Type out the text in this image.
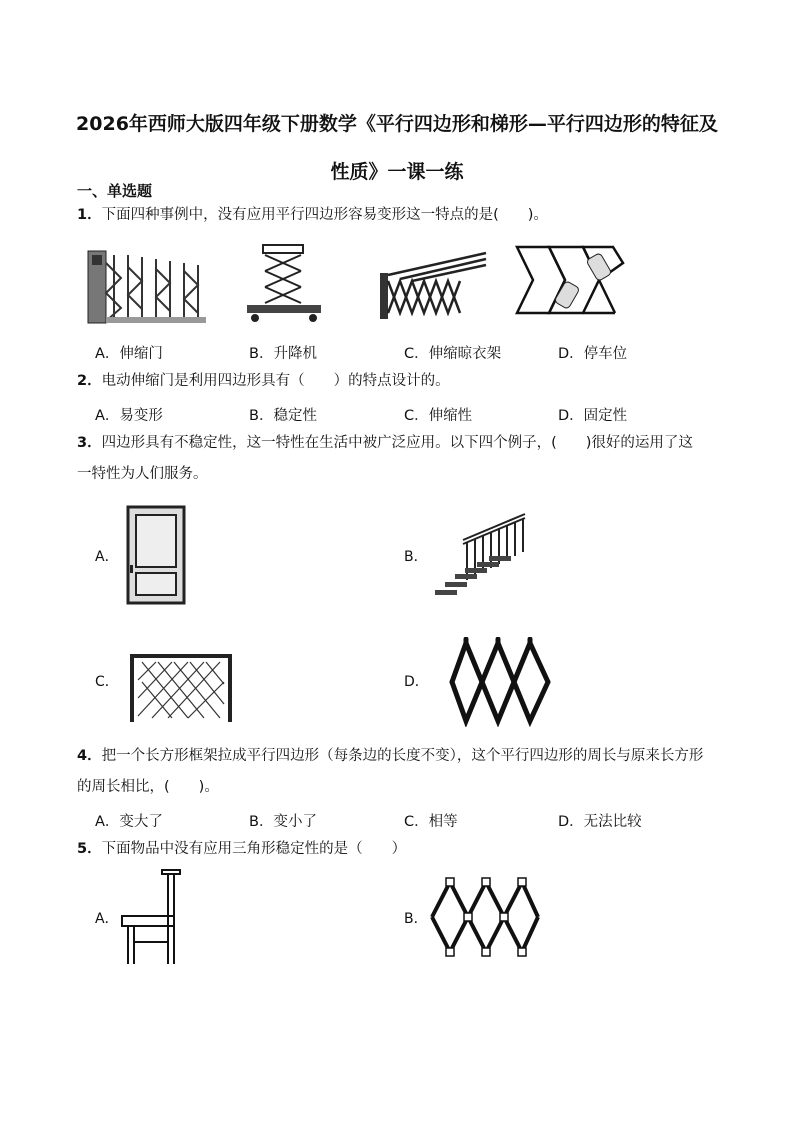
2026年西师大版四年级下册数学《平行四边形和梯形—平行四边形的特征及性质》一课一练
一、单选题
1．下面四种事例中，没有应用平行四边形容易变形这一特点的是(　　)。
A．伸缩门	B．升降机	C．伸缩晾衣架	D．停车位
2．电动伸缩门是利用四边形具有（　　）的特点设计的。
A．易变形	B．稳定性	C．伸缩性	D．固定性
3．四边形具有不稳定性，这一特性在生活中被广泛应用。以下四个例子，(　　)很好的运用了这
一特性为人们服务。
A．	B．
C．	D．
4．把一个长方形框架拉成平行四边形（每条边的长度不变），这个平行四边形的周长与原来长方形
的周长相比，(　　)。
A．变大了	B．变小了	C．相等	D．无法比较
5．下面物品中没有应用三角形稳定性的是（　　）
A．	B．
